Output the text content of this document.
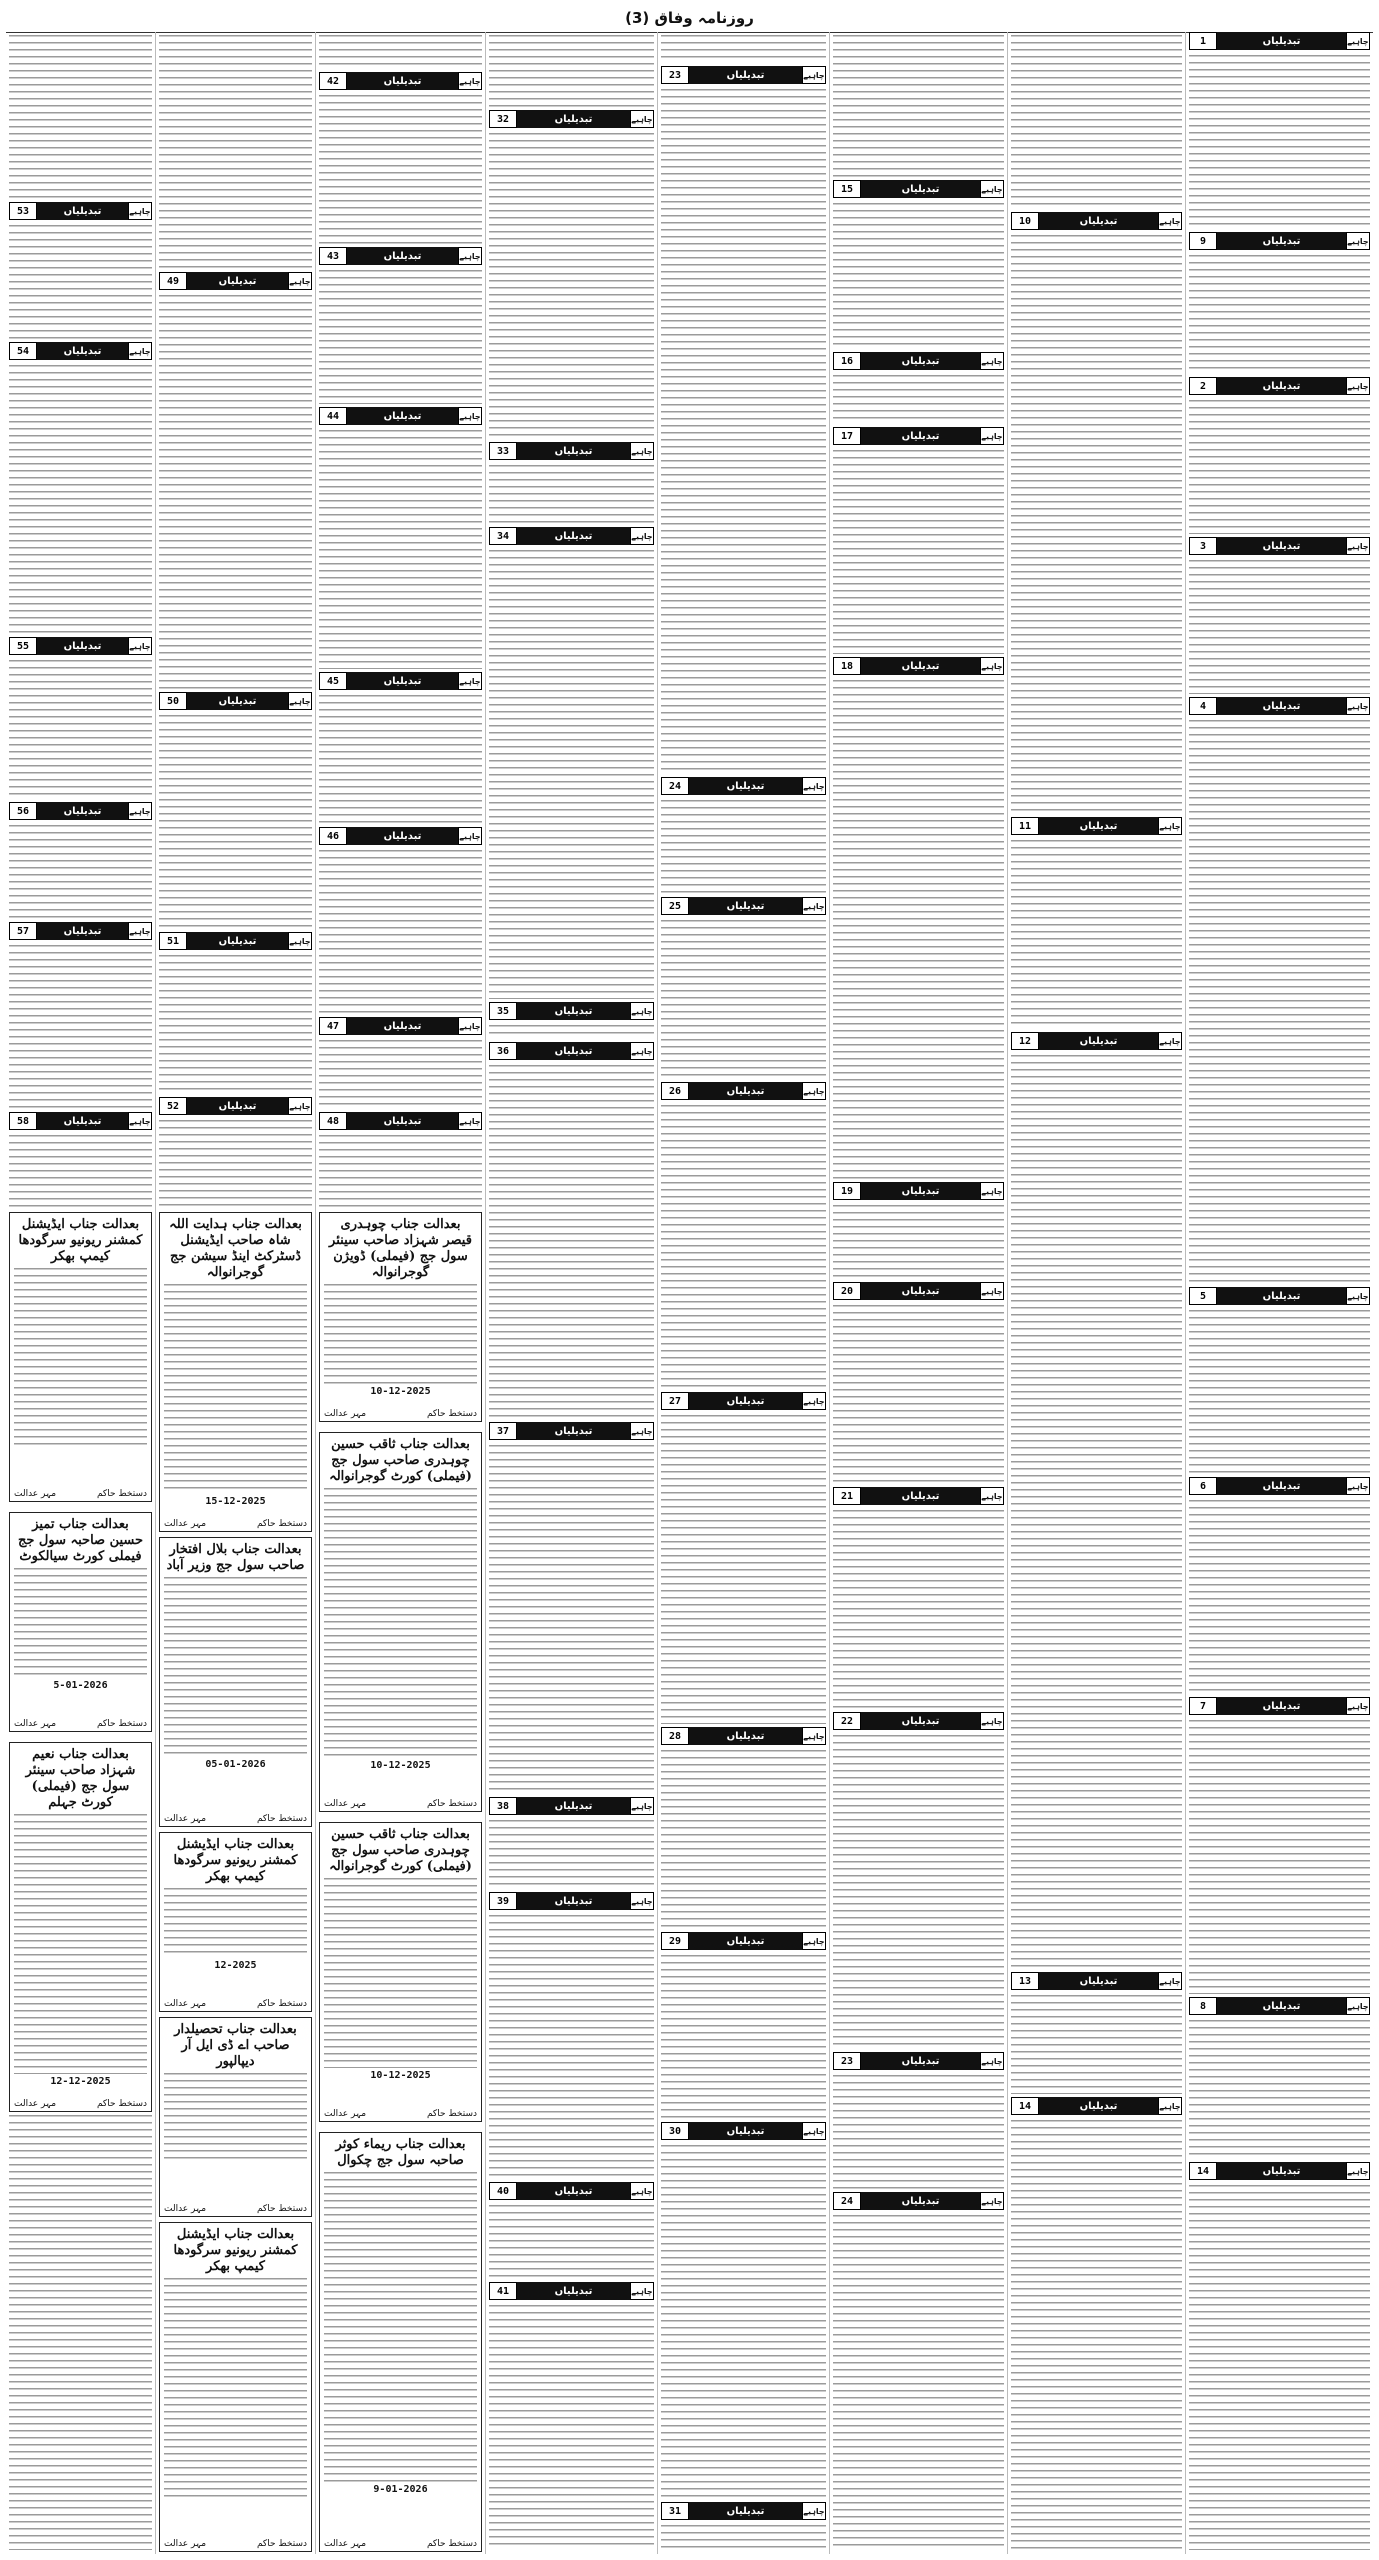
روزنامہ وفاق (3)
چاہیے
تبدیلیاں
1
چاہیے
تبدیلیاں
9
چاہیے
تبدیلیاں
2
چاہیے
تبدیلیاں
3
چاہیے
تبدیلیاں
4
چاہیے
تبدیلیاں
5
چاہیے
تبدیلیاں
6
چاہیے
تبدیلیاں
7
چاہیے
تبدیلیاں
8
چاہیے
تبدیلیاں
14
چاہیے
تبدیلیاں
10
چاہیے
تبدیلیاں
11
چاہیے
تبدیلیاں
12
چاہیے
تبدیلیاں
13
چاہیے
تبدیلیاں
14
چاہیے
تبدیلیاں
15
چاہیے
تبدیلیاں
16
چاہیے
تبدیلیاں
17
چاہیے
تبدیلیاں
18
چاہیے
تبدیلیاں
19
چاہیے
تبدیلیاں
20
چاہیے
تبدیلیاں
21
چاہیے
تبدیلیاں
22
چاہیے
تبدیلیاں
23
چاہیے
تبدیلیاں
24
چاہیے
تبدیلیاں
23
چاہیے
تبدیلیاں
24
چاہیے
تبدیلیاں
25
چاہیے
تبدیلیاں
26
چاہیے
تبدیلیاں
27
چاہیے
تبدیلیاں
28
چاہیے
تبدیلیاں
29
چاہیے
تبدیلیاں
30
چاہیے
تبدیلیاں
31
چاہیے
تبدیلیاں
32
چاہیے
تبدیلیاں
33
چاہیے
تبدیلیاں
34
چاہیے
تبدیلیاں
35
چاہیے
تبدیلیاں
36
چاہیے
تبدیلیاں
37
چاہیے
تبدیلیاں
38
چاہیے
تبدیلیاں
39
چاہیے
تبدیلیاں
40
چاہیے
تبدیلیاں
41
چاہیے
تبدیلیاں
42
چاہیے
تبدیلیاں
43
چاہیے
تبدیلیاں
44
چاہیے
تبدیلیاں
45
چاہیے
تبدیلیاں
46
چاہیے
تبدیلیاں
47
چاہیے
تبدیلیاں
48
بعدالت جناب چوہدری قیصر شہزاد صاحب سینئر سول جج (فیملی) ڈویژن گوجرانوالہ
10-12-2025
مہر عدالت	دستخط حاکم
بعدالت جناب ثاقب حسین چوہدری صاحب سول جج (فیملی) کورٹ گوجرانوالہ
10-12-2025
مہر عدالت	دستخط حاکم
بعدالت جناب ثاقب حسین چوہدری صاحب سول جج (فیملی) کورٹ گوجرانوالہ
10-12-2025
مہر عدالت	دستخط حاکم
بعدالت جناب ریماء کوثر صاحبہ سول جج چکوال
9-01-2026
مہر عدالت	دستخط حاکم
چاہیے
تبدیلیاں
49
چاہیے
تبدیلیاں
50
چاہیے
تبدیلیاں
51
چاہیے
تبدیلیاں
52
بعدالت جناب ہدایت اللہ شاہ صاحب ایڈیشنل ڈسٹرکٹ اینڈ سیشن جج گوجرانوالہ
15-12-2025
مہر عدالت	دستخط حاکم
بعدالت جناب بلال افتخار صاحب سول جج وزیر آباد
05-01-2026
مہر عدالت	دستخط حاکم
بعدالت جناب ایڈیشنل کمشنر ریونیو سرگودھا کیمپ بھکر
12-2025
مہر عدالت	دستخط حاکم
بعدالت جناب تحصیلدار صاحب اے ڈی ایل آر دیپالپور
مہر عدالت	دستخط حاکم
بعدالت جناب ایڈیشنل کمشنر ریونیو سرگودھا کیمپ بھکر
مہر عدالت	دستخط حاکم
چاہیے
تبدیلیاں
53
چاہیے
تبدیلیاں
54
چاہیے
تبدیلیاں
55
چاہیے
تبدیلیاں
56
چاہیے
تبدیلیاں
57
چاہیے
تبدیلیاں
58
بعدالت جناب ایڈیشنل کمشنر ریونیو سرگودھا کیمپ بھکر
مہر عدالت	دستخط حاکم
بعدالت جناب تمیز حسین صاحبہ سول جج فیملی کورٹ سیالکوٹ
5-01-2026
مہر عدالت	دستخط حاکم
بعدالت جناب نعیم شہزاد صاحب سینئر سول جج (فیملی) کورٹ جہلم
12-12-2025
مہر عدالت	دستخط حاکم
